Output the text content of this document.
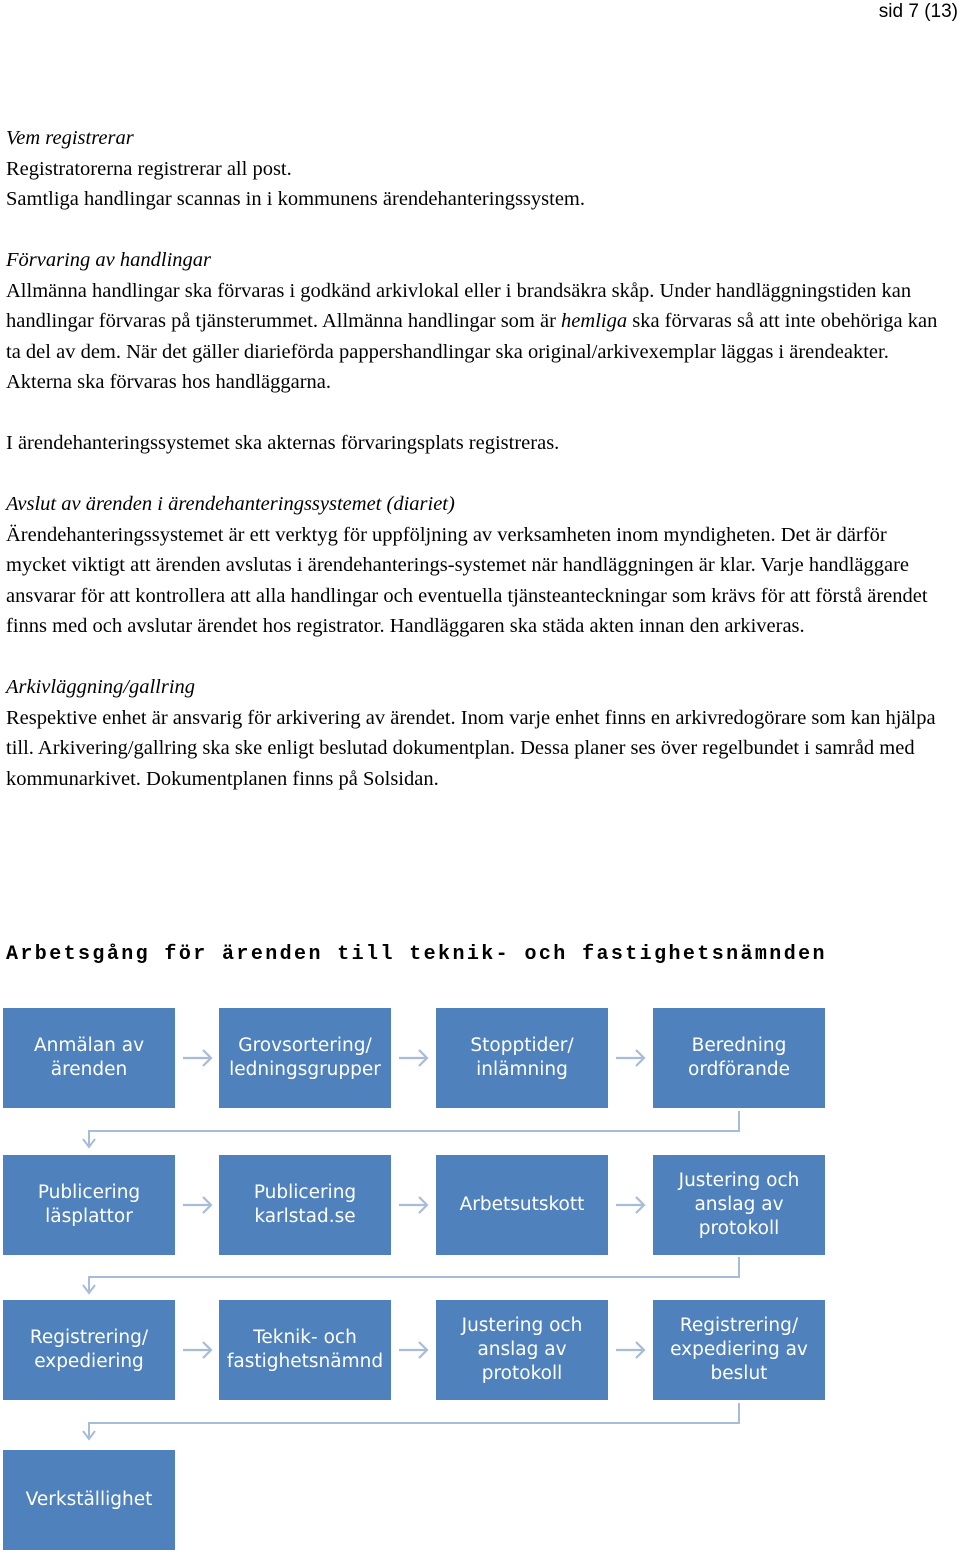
sid 7 (13)

Vem registrerar

Registratorerna registrerar all post.

Samtliga handlingar scannas in i kommunens ärendehanteringssystem.

Förvaring av handlingar

Allmänna handlingar ska förvaras i godkänd arkivlokal eller i brandsäkra skåp. Under handläggningstiden kan handlingar förvaras på tjänsterummet. Allmänna handlingar som är hemliga ska förvaras så att inte obehöriga kan ta del av dem. När det gäller diarieförda pappershandlingar ska original/arkivexemplar läggas i ärendeakter. Akterna ska förvaras hos handläggarna.

I ärendehanteringssystemet ska akternas förvaringsplats registreras.

Avslut av ärenden i ärendehanteringssystemet (diariet)

Ärendehanteringssystemet är ett verktyg för uppföljning av verksamheten inom myndigheten. Det är därför mycket viktigt att ärenden avslutas i ärendehanterings-systemet när handläggningen är klar. Varje handläggare ansvarar för att kontrollera att alla handlingar och eventuella tjänsteanteckningar som krävs för att förstå ärendet finns med och avslutar ärendet hos registrator. Handläggaren ska städa akten innan den arkiveras.

Arkivläggning/gallring

Respektive enhet är ansvarig för arkivering av ärendet. Inom varje enhet finns en arkivredogörare som kan hjälpa till. Arkivering/gallring ska ske enligt beslutad dokumentplan. Dessa planer ses över regelbundet i samråd med kommunarkivet. Dokumentplanen finns på Solsidan.

Arbetsgång för ärenden till teknik- och fastighetsnämnden
Anmälan av
ärenden
Grovsortering/
ledningsgrupper
Stopptider/
inlämning
Beredning
ordförande
Publicering
läsplattor
Publicering
karlstad.se
Arbetsutskott
Justering och
anslag av
protokoll
Registrering/
expediering
Teknik- och
fastighetsnämnd
Justering och
anslag av
protokoll
Registrering/
expediering av
beslut
Verkställighet
